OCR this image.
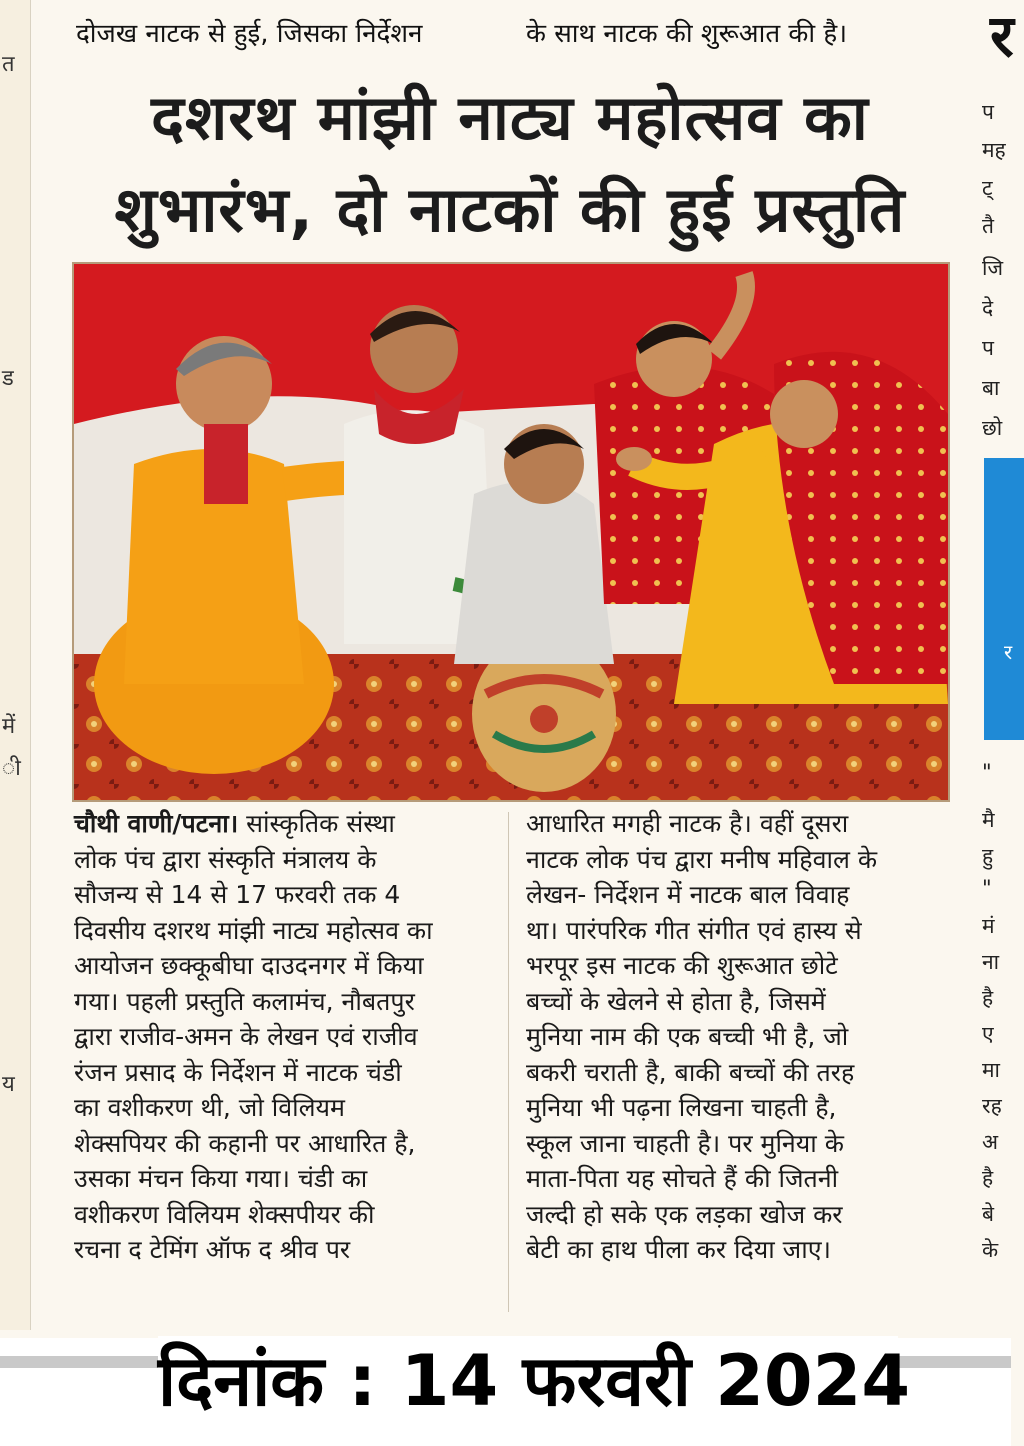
त
ड
में
ी
य
दोजख नाटक से हुई, जिसका निर्देशन	के साथ नाटक की शुरूआत की है।
दशरथ मांझी नाट्य महोत्सव का
शुभारंभ, दो नाटकों की हुई प्रस्तुति
चौथी वाणी/पटना। सांस्कृतिक संस्था
लोक पंच द्वारा संस्कृति मंत्रालय के
सौजन्य से 14 से 17 फरवरी तक 4
दिवसीय दशरथ मांझी नाट्य महोत्सव का
आयोजन छक्कूबीघा दाउदनगर में किया
गया। पहली प्रस्तुति कलामंच, नौबतपुर
द्वारा राजीव-अमन के लेखन एवं राजीव
रंजन प्रसाद के निर्देशन में नाटक चंडी
का वशीकरण थी, जो विलियम
शेक्सपियर की कहानी पर आधारित है,
उसका मंचन किया गया। चंडी का
वशीकरण विलियम शेक्सपीयर की
रचना द टेमिंग ऑफ द श्रीव पर
आधारित मगही नाटक है। वहीं दूसरा
नाटक लोक पंच द्वारा मनीष महिवाल के
लेखन- निर्देशन में नाटक बाल विवाह
था। पारंपरिक गीत संगीत एवं हास्य से
भरपूर इस नाटक की शुरूआत छोटे
बच्चों के खेलने से होता है, जिसमें
मुनिया नाम की एक बच्ची भी है, जो
बकरी चराती है, बाकी बच्चों की तरह
मुनिया भी पढ़ना लिखना चाहती है,
स्कूल जाना चाहती है। पर मुनिया के
माता-पिता यह सोचते हैं की जितनी
जल्दी हो सके एक लड़का खोज कर
बेटी का हाथ पीला कर दिया जाए।
र
प
मह
ट्
तै
जि
दे
प
बा
छो
र
"
मै
हु
"
मं
ना
है
ए
मा
रह
अ
है
बे
के
दिनांक : 14 फरवरी 2024
